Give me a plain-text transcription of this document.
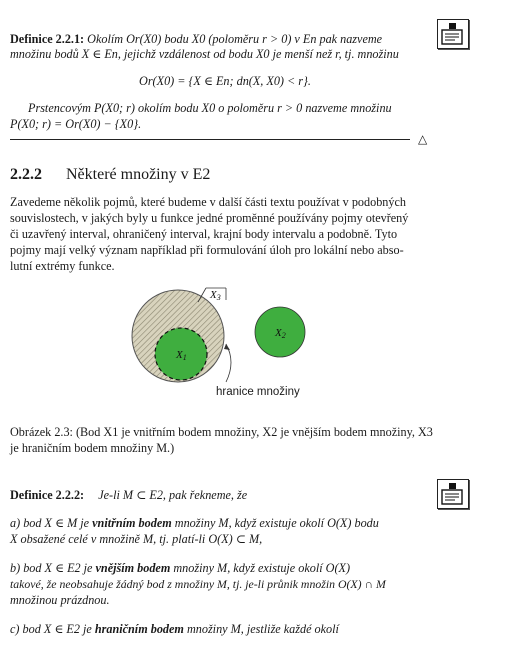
Definice 2.2.1: Okolím Or(X0) bodu X0 (poloměru r > 0) v En pak nazveme
množinu bodů X ∈ En, jejichž vzdálenost od bodu X0 je menší než r, tj. množinu
Or(X0) = {X ∈ En; dn(X, X0) < r}.
Prstencovým P(X0; r) okolím bodu X0 o poloměru r > 0 nazveme množinu
P(X0; r) = Or(X0) − {X0}.
△
2.2.2 Některé množiny v E2
Zavedeme několik pojmů, které budeme v další části textu používat v podobných
souvislostech, v jakých byly u funkce jedné proměnné používány pojmy otevřený
či uzavřený interval, ohraničený interval, krajní body intervalu a podobně. Tyto
pojmy mají velký význam například při formulování úloh pro lokální nebo abso-
lutní extrémy funkce.
X3
X1
X2
hranice množiny
Obrázek 2.3: (Bod X1 je vnitřním bodem množiny, X2 je vnějším bodem množiny, X3
je hraničním bodem množiny M.)
Definice 2.2.2: Je-li M ⊂ E2, pak řekneme, že
a) bod X ∈ M je vnitřním bodem množiny M, když existuje okolí O(X) bodu
X obsažené celé v množině M, tj. platí-li O(X) ⊂ M,
b) bod X ∈ E2 je vnějším bodem množiny M, když existuje okolí O(X)
takové, že neobsahuje žádný bod z množiny M, tj. je-li průnik množin O(X) ∩ M
množinou prázdnou.
c) bod X ∈ E2 je hraničním bodem množiny M, jestliže každé okolí
